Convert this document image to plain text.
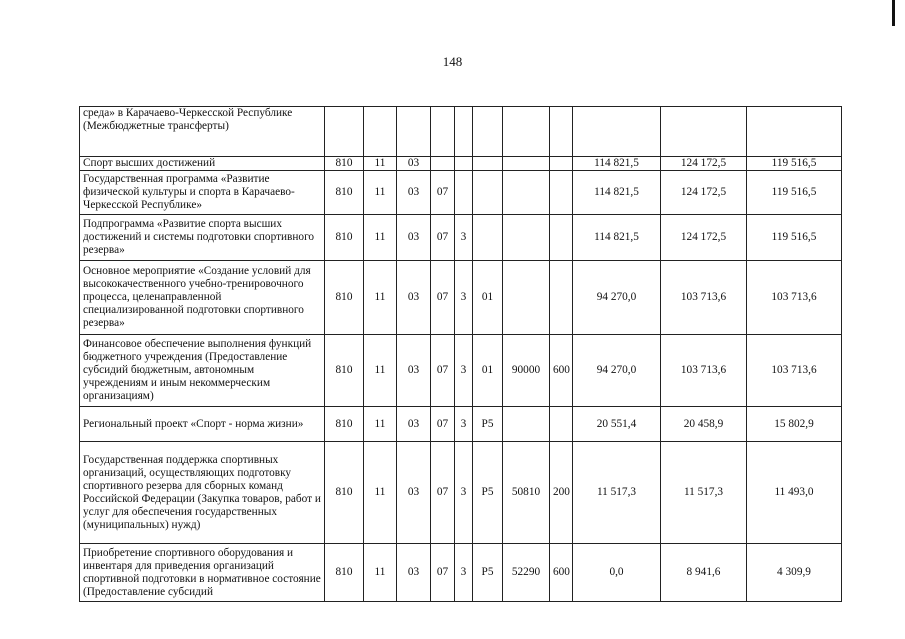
148
среда» в Карачаево-Черкесской Республике (Межбюджетные трансферты)											
Спорт высших достижений	810	11	03						114 821,5	124 172,5	119 516,5
Государственная программа «Развитие физической культуры и спорта в Карачаево-Черкесской Республике»	810	11	03	07					114 821,5	124 172,5	119 516,5
Подпрограмма «Развитие спорта высших достижений и системы подготовки спортивного резерва»	810	11	03	07	3				114 821,5	124 172,5	119 516,5
Основное мероприятие «Создание условий для высококачественного учебно-тренировочного процесса, целенаправленной специализированной подготовки спортивного резерва»	810	11	03	07	3	01			94 270,0	103 713,6	103 713,6
Финансовое обеспечение выполнения функций бюджетного учреждения (Предоставление субсидий бюджетным, автономным учреждениям и иным некоммерческим организациям)	810	11	03	07	3	01	90000	600	94 270,0	103 713,6	103 713,6
Региональный проект «Спорт - норма жизни»	810	11	03	07	3	P5			20 551,4	20 458,9	15 802,9
Государственная поддержка спортивных организаций, осуществляющих подготовку спортивного резерва для сборных команд Российской Федерации (Закупка товаров, работ и услуг для обеспечения государственных (муниципальных) нужд)	810	11	03	07	3	P5	50810	200	11 517,3	11 517,3	11 493,0
Приобретение спортивного оборудования и инвентаря для приведения организаций спортивной подготовки в нормативное состояние (Предоставление субсидий	810	11	03	07	3	P5	52290	600	0,0	8 941,6	4 309,9
